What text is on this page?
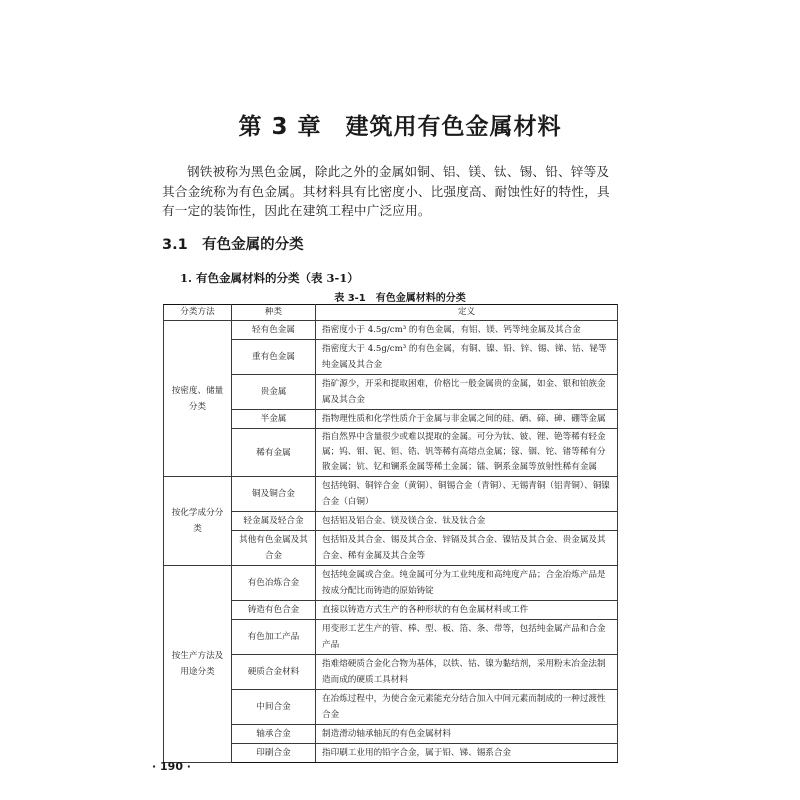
第 3 章　建筑用有色金属材料

钢铁被称为黑色金属，除此之外的金属如铜、铝、镁、钛、锡、铅、锌等及其合金统称为有色金属。其材料具有比密度小、比强度高、耐蚀性好的特性，具有一定的装饰性，因此在建筑工程中广泛应用。

3.1　有色金属的分类
1. 有色金属材料的分类（表 3-1）
表 3-1　有色金属材料的分类
分类方法	种类	定义
按密度、储量分类	轻有色金属	指密度小于 4.5g/cm³ 的有色金属，有铝、镁、钙等纯金属及其合金
	重有色金属	指密度大于 4.5g/cm³ 的有色金属，有铜、镍、铅、锌、锡、锑、钴、铋等纯金属及其合金
	贵金属	指矿源少，开采和提取困难，价格比一般金属贵的金属，如金、银和铂族金属及其合金
	半金属	指物理性质和化学性质介于金属与非金属之间的硅、硒、碲、砷、硼等金属
	稀有金属	指自然界中含量很少或难以提取的金属。可分为钛、铍、锂、铯等稀有轻金属；钨、钼、铌、钽、锆、钒等稀有高熔点金属；镓、铟、铊、锗等稀有分散金属；钪、钇和镧系金属等稀土金属；镭、锕系金属等放射性稀有金属
按化学成分分类	铜及铜合金	包括纯铜、铜锌合金（黄铜）、铜锡合金（青铜）、无锡青铜（铝青铜）、铜镍合金（白铜）
	轻金属及轻合金	包括铝及铝合金、镁及镁合金、钛及钛合金
	其他有色金属及其合金	包括铅及其合金、锡及其合金、锌镉及其合金、镍钴及其合金、贵金属及其合金、稀有金属及其合金等
按生产方法及用途分类	有色冶炼合金	包括纯金属或合金。纯金属可分为工业纯度和高纯度产品；合金冶炼产品是按成分配比而铸造的原始铸锭
	铸造有色合金	直接以铸造方式生产的各种形状的有色金属材料或工件
	有色加工产品	用变形工艺生产的管、棒、型、板、箔、条、带等，包括纯金属产品和合金产品
	硬质合金材料	指难熔硬质合金化合物为基体，以铁、钴、镍为黏结剂，采用粉末冶金法制造而成的硬质工具材料
	中间合金	在冶炼过程中，为使合金元素能充分结合加入中间元素而制成的一种过渡性合金
	轴承合金	制造滑动轴承轴瓦的有色金属材料
	印刷合金	指印刷工业用的铅字合金，属于铅、锑、锡系合金
· 190 ·
